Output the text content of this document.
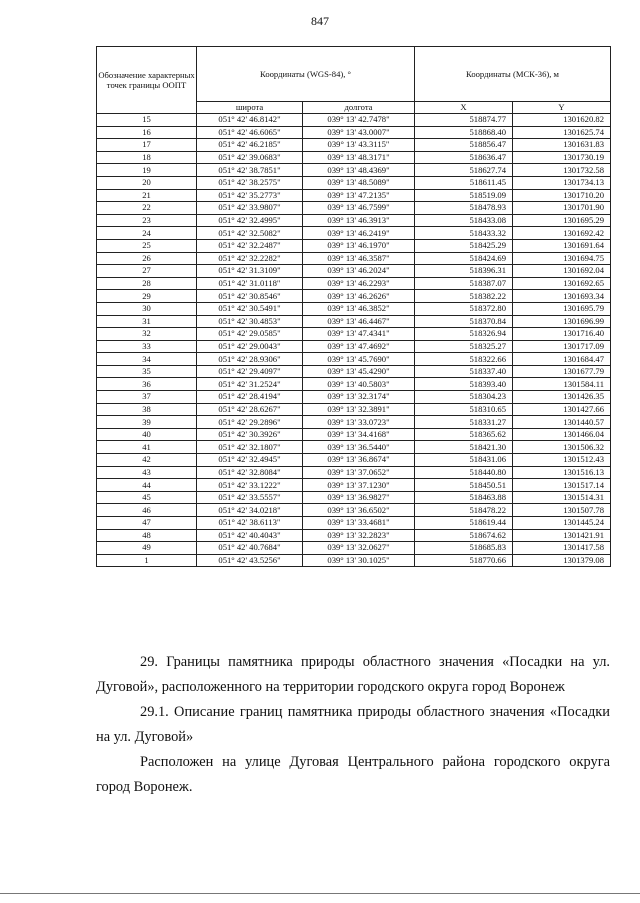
847
Обозначение характерных точек границы ООПТ	Координаты (WGS-84), °		Координаты (МСК-36), м	
	широта	долгота	X	Y
15	051° 42' 46.8142"	039° 13' 42.7478"	518874.77	1301620.82
16	051° 42' 46.6065"	039° 13' 43.0007"	518868.40	1301625.74
17	051° 42' 46.2185"	039° 13' 43.3115"	518856.47	1301631.83
18	051° 42' 39.0683"	039° 13' 48.3171"	518636.47	1301730.19
19	051° 42' 38.7851"	039° 13' 48.4369"	518627.74	1301732.58
20	051° 42' 38.2575"	039° 13' 48.5089"	518611.45	1301734.13
21	051° 42' 35.2773"	039° 13' 47.2135"	518519.09	1301710.20
22	051° 42' 33.9807"	039° 13' 46.7599"	518478.93	1301701.90
23	051° 42' 32.4995"	039° 13' 46.3913"	518433.08	1301695.29
24	051° 42' 32.5082"	039° 13' 46.2419"	518433.32	1301692.42
25	051° 42' 32.2487"	039° 13' 46.1970"	518425.29	1301691.64
26	051° 42' 32.2282"	039° 13' 46.3587"	518424.69	1301694.75
27	051° 42' 31.3109"	039° 13' 46.2024"	518396.31	1301692.04
28	051° 42' 31.0118"	039° 13' 46.2293"	518387.07	1301692.65
29	051° 42' 30.8546"	039° 13' 46.2626"	518382.22	1301693.34
30	051° 42' 30.5491"	039° 13' 46.3852"	518372.80	1301695.79
31	051° 42' 30.4853"	039° 13' 46.4467"	518370.84	1301696.99
32	051° 42' 29.0585"	039° 13' 47.4341"	518326.94	1301716.40
33	051° 42' 29.0043"	039° 13' 47.4692"	518325.27	1301717.09
34	051° 42' 28.9306"	039° 13' 45.7690"	518322.66	1301684.47
35	051° 42' 29.4097"	039° 13' 45.4290"	518337.40	1301677.79
36	051° 42' 31.2524"	039° 13' 40.5803"	518393.40	1301584.11
37	051° 42' 28.4194"	039° 13' 32.3174"	518304.23	1301426.35
38	051° 42' 28.6267"	039° 13' 32.3891"	518310.65	1301427.66
39	051° 42' 29.2896"	039° 13' 33.0723"	518331.27	1301440.57
40	051° 42' 30.3926"	039° 13' 34.4168"	518365.62	1301466.04
41	051° 42' 32.1807"	039° 13' 36.5440"	518421.30	1301506.32
42	051° 42' 32.4945"	039° 13' 36.8674"	518431.06	1301512.43
43	051° 42' 32.8084"	039° 13' 37.0652"	518440.80	1301516.13
44	051° 42' 33.1222"	039° 13' 37.1230"	518450.51	1301517.14
45	051° 42' 33.5557"	039° 13' 36.9827"	518463.88	1301514.31
46	051° 42' 34.0218"	039° 13' 36.6502"	518478.22	1301507.78
47	051° 42' 38.6113"	039° 13' 33.4681"	518619.44	1301445.24
48	051° 42' 40.4043"	039° 13' 32.2823"	518674.62	1301421.91
49	051° 42' 40.7684"	039° 13' 32.0627"	518685.83	1301417.58
1	051° 42' 43.5256"	039° 13' 30.1025"	518770.66	1301379.08

29. Границы памятника природы областного значения «Посадки на ул. Дуговой», расположенного на территории городского округа город Воронеж

29.1. Описание границ памятника природы областного значения «Посадки на ул. Дуговой»

Расположен на улице Дуговая Центрального района городского округа город Воронеж.
